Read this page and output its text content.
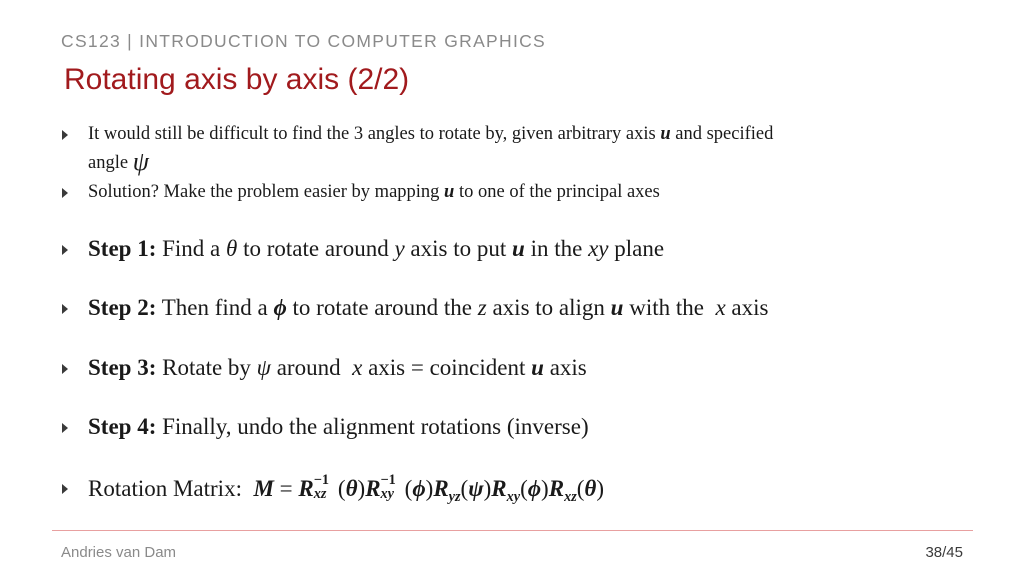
CS123 | INTRODUCTION TO COMPUTER GRAPHICS
Rotating axis by axis (2/2)
It would still be difficult to find the 3 angles to rotate by, given arbitrary axis u and specified
angle ψ
Solution? Make the problem easier by mapping u to one of the principal axes
Step 1: Find a θ to rotate around y axis to put u in the xy plane
Step 2: Then find a ϕ to rotate around the z axis to align u with the  x axis
Step 3: Rotate by ψ around  x axis = coincident u axis
Step 4: Finally, undo the alignment rotations (inverse)
Rotation Matrix:  M = R −1
xz (θ)R −1
xy $(\phi)R_{yz}(\psi)R_{xy}(\phi)R_{xz}(\theta)$
Andries van Dam	38/45
